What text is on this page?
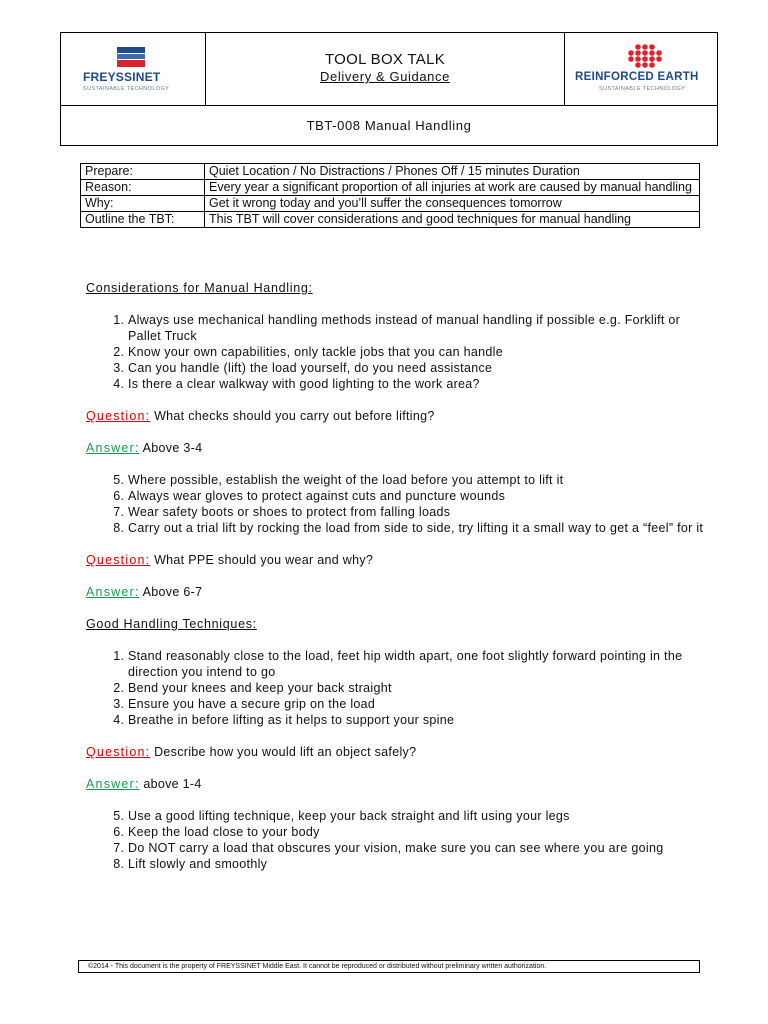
FREYSSINET
SUSTAINABLE TECHNOLOGY
TOOL BOX TALK
Delivery & Guidance	REINFORCED EARTH
SUSTAINABLE TECHNOLOGY
TBT-008 Manual Handling
Prepare:	Quiet Location / No Distractions / Phones Off / 15 minutes Duration
Reason:	Every year a significant proportion of all injuries at work are caused by manual handling
Why:	Get it wrong today and you’ll suffer the consequences tomorrow
Outline the TBT:	This TBT will cover considerations and good techniques for manual handling

Considerations for Manual Handling:

1. Always use mechanical handling methods instead of manual handling if possible e.g. Forklift or Pallet Truck
2. Know your own capabilities, only tackle jobs that you can handle
3. Can you handle (lift) the load yourself, do you need assistance
4. Is there a clear walkway with good lighting to the work area?

Question: What checks should you carry out before lifting?

Answer: Above 3-4

5. Where possible, establish the weight of the load before you attempt to lift it
6. Always wear gloves to protect against cuts and puncture wounds
7. Wear safety boots or shoes to protect from falling loads
8. Carry out a trial lift by rocking the load from side to side, try lifting it a small way to get a “feel” for it

Question: What PPE should you wear and why?

Answer: Above 6-7

Good Handling Techniques:

1. Stand reasonably close to the load, feet hip width apart, one foot slightly forward pointing in the direction you intend to go
2. Bend your knees and keep your back straight
3. Ensure you have a secure grip on the load
4. Breathe in before lifting as it helps to support your spine

Question: Describe how you would lift an object safely?

Answer: above 1-4

5. Use a good lifting technique, keep your back straight and lift using your legs
6. Keep the load close to your body
7. Do NOT carry a load that obscures your vision, make sure you can see where you are going
8. Lift slowly and smoothly
©2014 - This document is the property of FREYSSINET Middle East. It cannot be reproduced or distributed without preliminary written authorization.
